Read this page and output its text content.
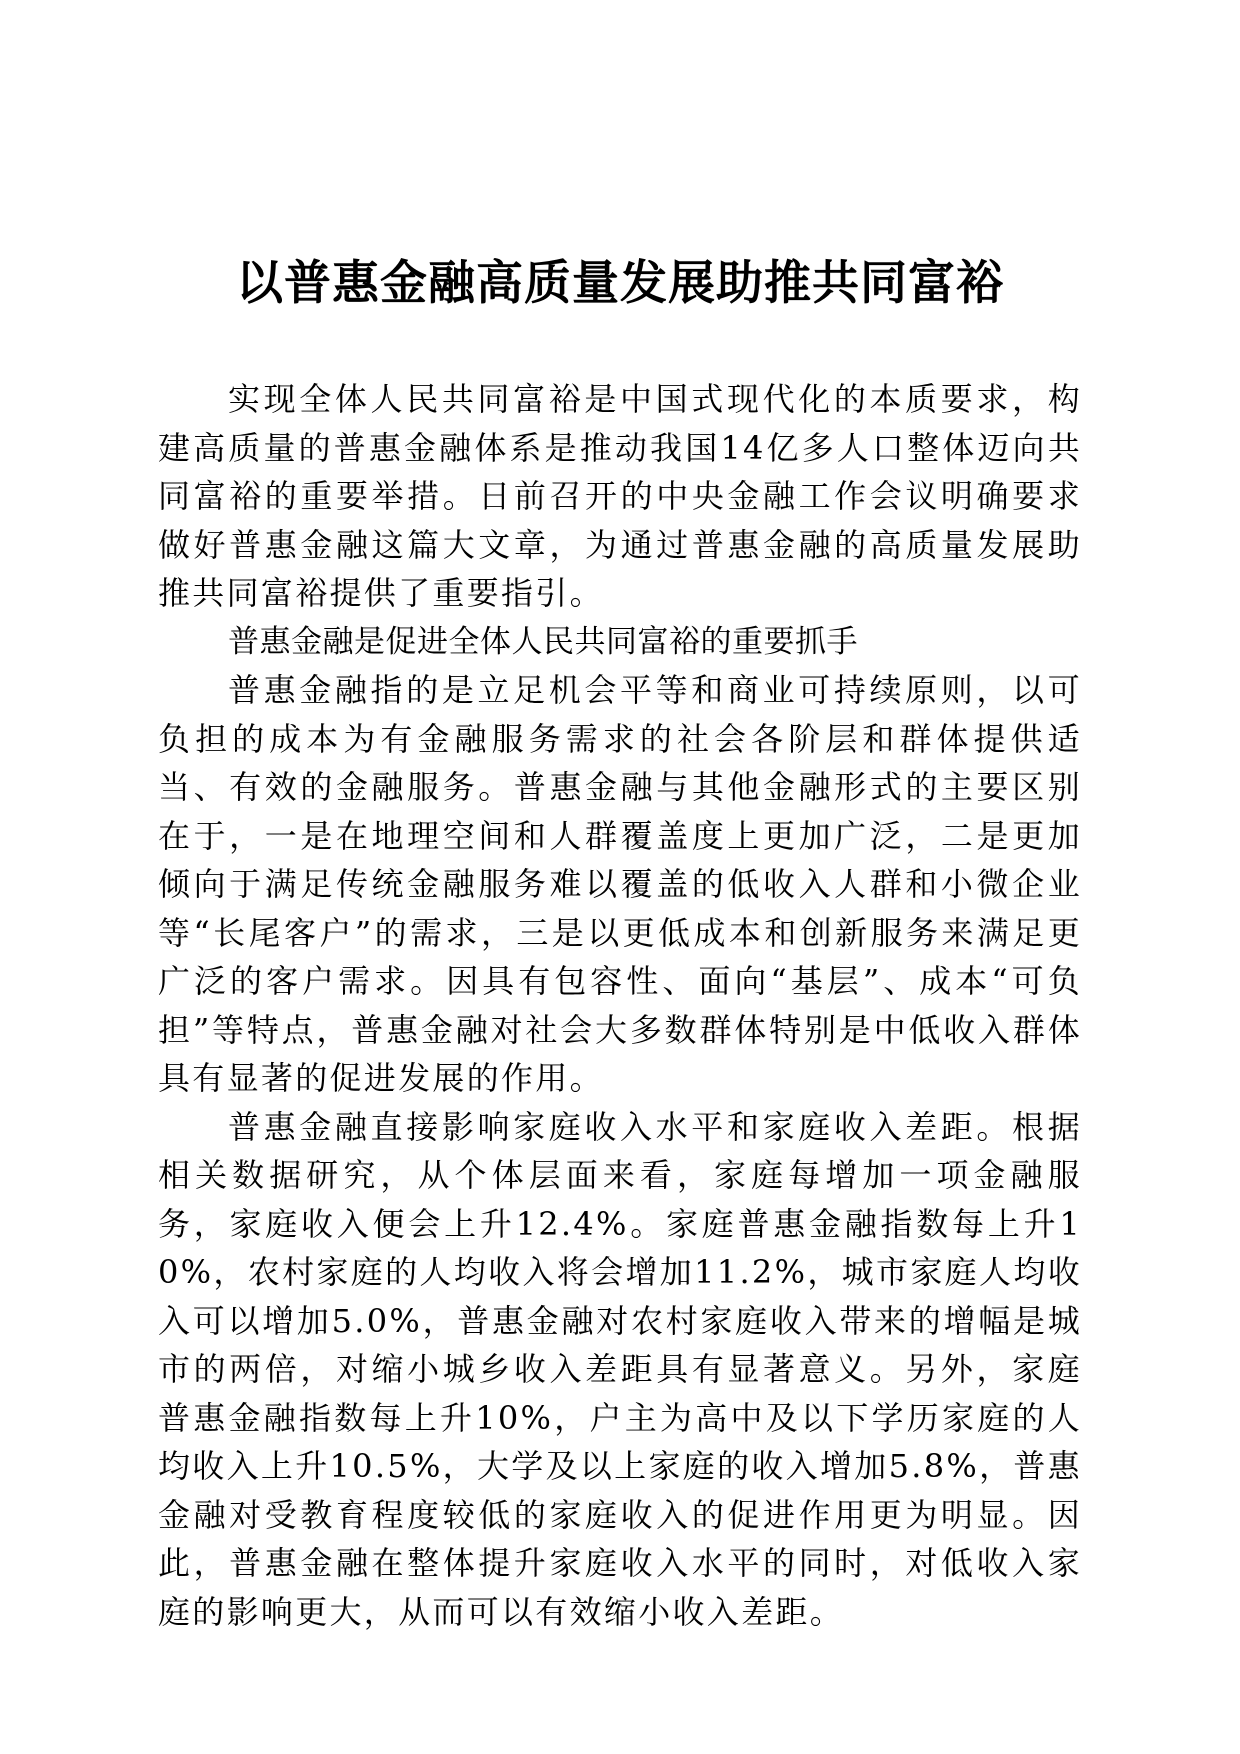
以普惠金融高质量发展助推共同富裕

实现全体人民共同富裕是中国式现代化的本质要求，构建高质量的普惠金融体系是推动我国14亿多人口整体迈向共同富裕的重要举措。日前召开的中央金融工作会议明确要求做好普惠金融这篇大文章，为通过普惠金融的高质量发展助推共同富裕提供了重要指引。

普惠金融是促进全体人民共同富裕的重要抓手

普惠金融指的是立足机会平等和商业可持续原则，以可负担的成本为有金融服务需求的社会各阶层和群体提供适当、有效的金融服务。普惠金融与其他金融形式的主要区别在于，一是在地理空间和人群覆盖度上更加广泛，二是更加倾向于满足传统金融服务难以覆盖的低收入人群和小微企业等“长尾客户”的需求，三是以更低成本和创新服务来满足更广泛的客户需求。因具有包容性、面向“基层”、成本“可负担”等特点，普惠金融对社会大多数群体特别是中低收入群体具有显著的促进发展的作用。

普惠金融直接影响家庭收入水平和家庭收入差距。根据相关数据研究，从个体层面来看，家庭每增加一项金融服务，家庭收入便会上升12.4%。家庭普惠金融指数每上升10%，农村家庭的人均收入将会增加11.2%，城市家庭人均收入可以增加5.0%，普惠金融对农村家庭收入带来的增幅是城市的两倍，对缩小城乡收入差距具有显著意义。另外，家庭普惠金融指数每上升10%，户主为高中及以下学历家庭的人均收入上升10.5%，大学及以上家庭的收入增加5.8%，普惠金融对受教育程度较低的家庭收入的促进作用更为明显。因此，普惠金融在整体提升家庭收入水平的同时，对低收入家庭的影响更大，从而可以有效缩小收入差距。
